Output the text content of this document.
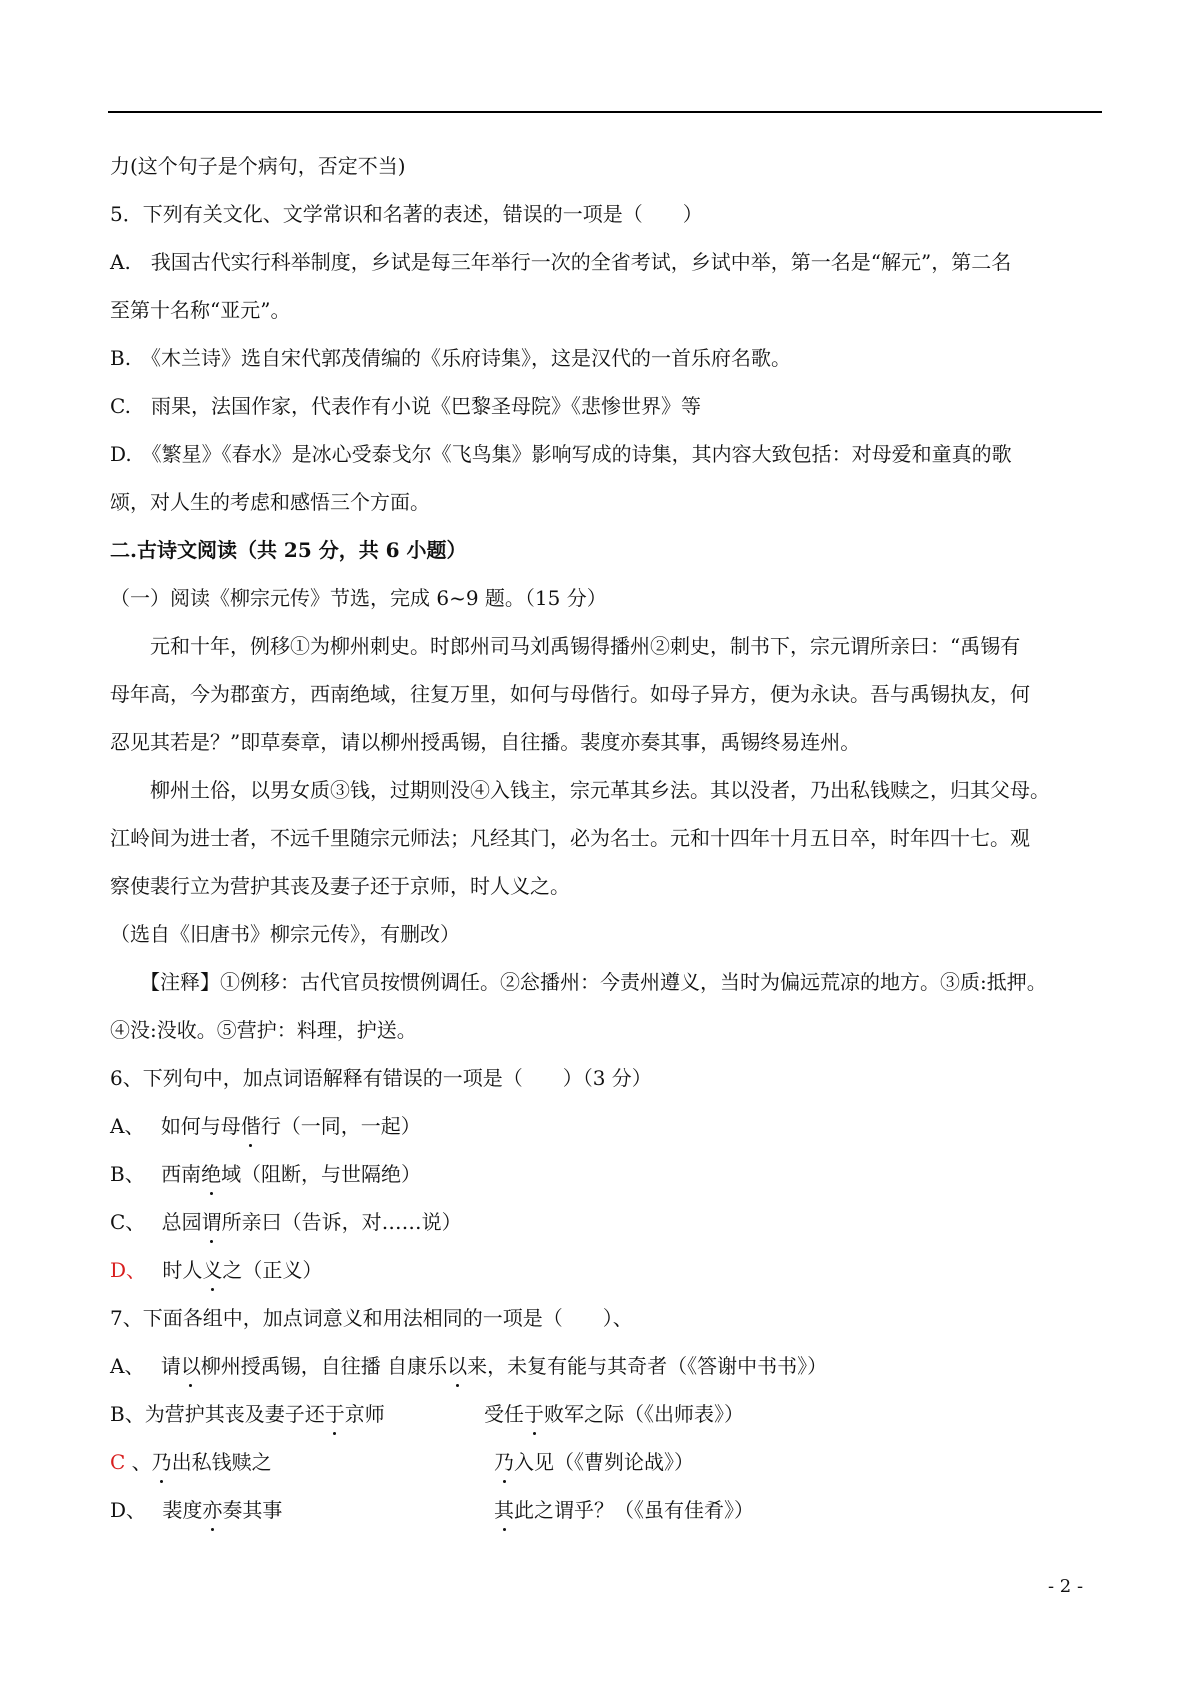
力(这个句子是个病句，否定不当)
5．下列有关文化、文学常识和名著的表述，错误的一项是（　　）
A.　我国古代实行科举制度，乡试是每三年举行一次的全省考试，乡试中举，第一名是“解元”，第二名
至第十名称“亚元”。
B.　《木兰诗》选自宋代郭茂倩编的《乐府诗集》，这是汉代的一首乐府名歌。
C.　雨果，法国作家，代表作有小说《巴黎圣母院》《悲惨世界》等
D.　《繁星》《春水》是冰心受泰戈尔《飞鸟集》影响写成的诗集，其内容大致包括：对母爱和童真的歌
颂，对人生的考虑和感悟三个方面。
二.古诗文阅读（共 25 分，共 6 小题）
（一）阅读《柳宗元传》节选，完成 6~9 题。（15 分）
元和十年，例移①为柳州刺史。时郎州司马刘禹锡得播州②刺史，制书下，宗元谓所亲曰：“禹锡有
母年高，今为郡蛮方，西南绝域，往复万里，如何与母偕行。如母子异方，便为永诀。吾与禹锡执友，何
忍见其若是？”即草奏章，请以柳州授禹锡，自往播。裴度亦奏其事，禹锡终易连州。
柳州土俗，以男女质③钱，过期则没④入钱主，宗元革其乡法。其以没者，乃出私钱赎之，归其父母。
江岭间为进士者，不远千里随宗元师法；凡经其门，必为名士。元和十四年十月五日卒，时年四十七。观
察使裴行立为营护其丧及妻子还于京师，时人义之。
（选自《旧唐书》柳宗元传》，有删改）
【注释】①例移：古代官员按惯例调任。②忩播州：今责州遵义，当时为偏远荒凉的地方。③质:抵押。
④没:没收。⑤营护：料理，护送。
6、下列句中，加点词语解释有错误的一项是（　　）（3 分）
A、　 如何与母偕行（一同，一起）
B、　 西南绝域（阻断，与世隔绝）
C、　 总园谓所亲曰（告诉，对……说）
D、　 时人义之（正义）
7、下面各组中，加点词意义和用法相同的一项是（　　）、
A、　 请以柳州授禹锡，自往播 自康乐以来，未复有能与其奇者（《答谢中书书》）
B、为营护其丧及妻子还于京师	受任于败军之际（《出师表》）
C 、乃出私钱赎之	乃入见（《曹刿论战》）
D、　 裴度亦奏其事	其此之谓乎？（《虽有佳肴》）
- 2 -
